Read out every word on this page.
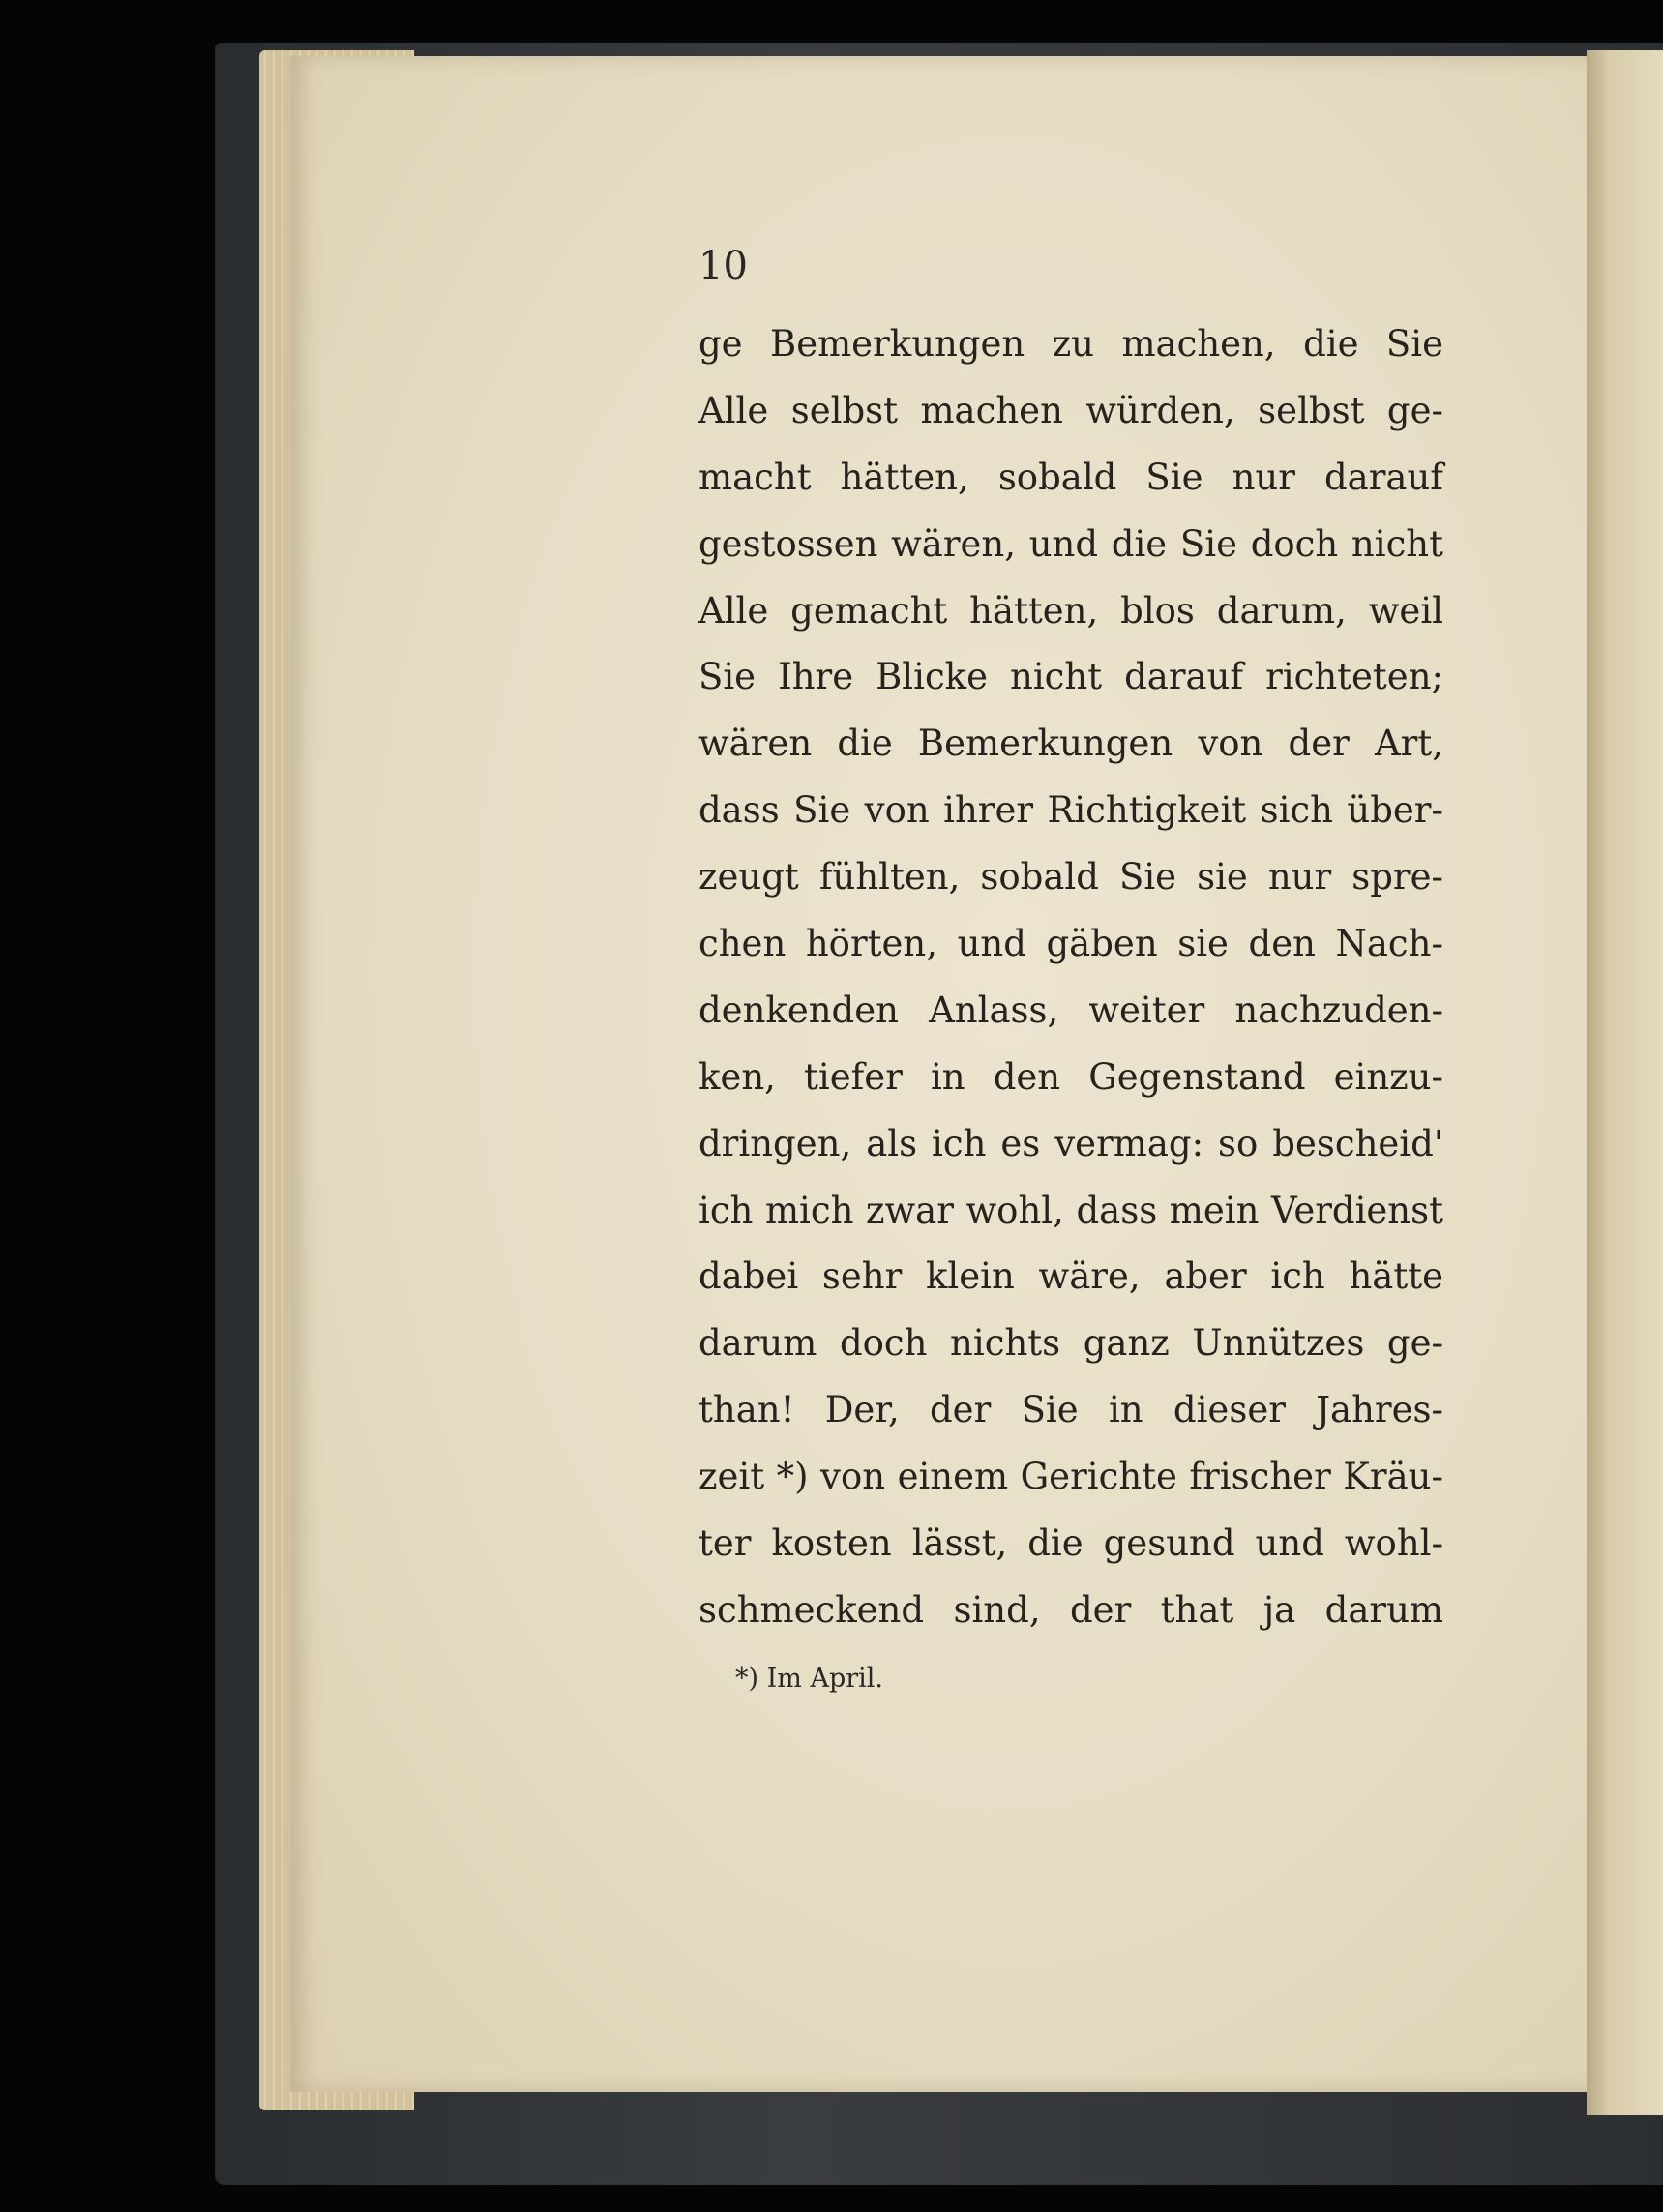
10

ge Bemerkungen zu machen, die Sie
Alle selbst machen würden, selbst ge-
macht hätten, sobald Sie nur darauf
gestossen wären, und die Sie doch nicht
Alle gemacht hätten, blos darum, weil
Sie Ihre Blicke nicht darauf richteten;
wären die Bemerkungen von der Art,
dass Sie von ihrer Richtigkeit sich über-
zeugt fühlten, sobald Sie sie nur spre-
chen hörten, und gäben sie den Nach-
denkenden Anlass, weiter nachzuden-
ken, tiefer in den Gegenstand einzu-
dringen, als ich es vermag: so bescheid'
ich mich zwar wohl, dass mein Verdienst
dabei sehr klein wäre, aber ich hätte
darum doch nichts ganz Unnützes ge-
than! Der, der Sie in dieser Jahres-
zeit *) von einem Gerichte frischer Kräu-
ter kosten lässt, die gesund und wohl-
schmeckend sind, der that ja darum

*) Im April.
